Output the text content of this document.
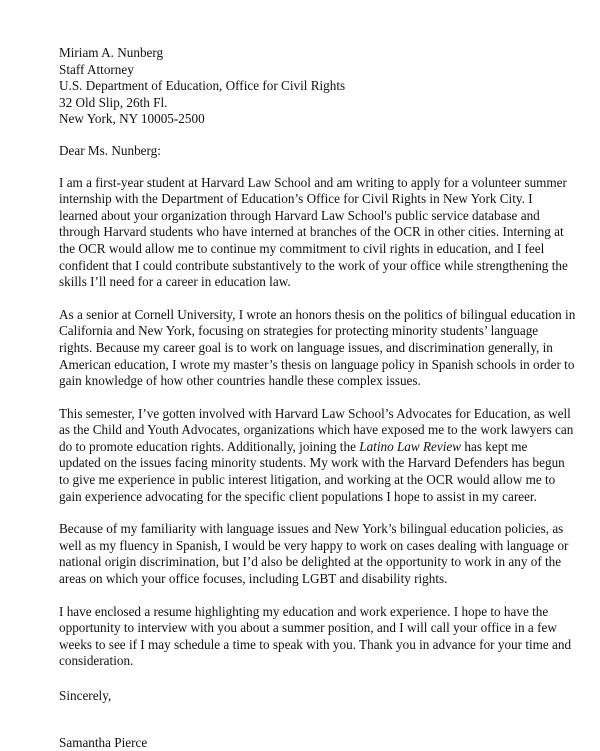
Miriam A. Nunberg
Staff Attorney
U.S. Department of Education, Office for Civil Rights
32 Old Slip, 26th Fl.
New York, NY 10005-2500
Dear Ms. Nunberg:
I am a first-year student at Harvard Law School and am writing to apply for a volunteer summer
internship with the Department of Education’s Office for Civil Rights in New York City. I
learned about your organization through Harvard Law School's public service database and
through Harvard students who have interned at branches of the OCR in other cities. Interning at
the OCR would allow me to continue my commitment to civil rights in education, and I feel
confident that I could contribute substantively to the work of your office while strengthening the
skills I’ll need for a career in education law.
As a senior at Cornell University, I wrote an honors thesis on the politics of bilingual education in
California and New York, focusing on strategies for protecting minority students’ language
rights. Because my career goal is to work on language issues, and discrimination generally, in
American education, I wrote my master’s thesis on language policy in Spanish schools in order to
gain knowledge of how other countries handle these complex issues.
This semester, I’ve gotten involved with Harvard Law School’s Advocates for Education, as well
as the Child and Youth Advocates, organizations which have exposed me to the work lawyers can
do to promote education rights. Additionally, joining the Latino Law Review has kept me
updated on the issues facing minority students. My work with the Harvard Defenders has begun
to give me experience in public interest litigation, and working at the OCR would allow me to
gain experience advocating for the specific client populations I hope to assist in my career.
Because of my familiarity with language issues and New York’s bilingual education policies, as
well as my fluency in Spanish, I would be very happy to work on cases dealing with language or
national origin discrimination, but I’d also be delighted at the opportunity to work in any of the
areas on which your office focuses, including LGBT and disability rights.
I have enclosed a resume highlighting my education and work experience. I hope to have the
opportunity to interview with you about a summer position, and I will call your office in a few
weeks to see if I may schedule a time to speak with you. Thank you in advance for your time and
consideration.
Sincerely,
Samantha Pierce
